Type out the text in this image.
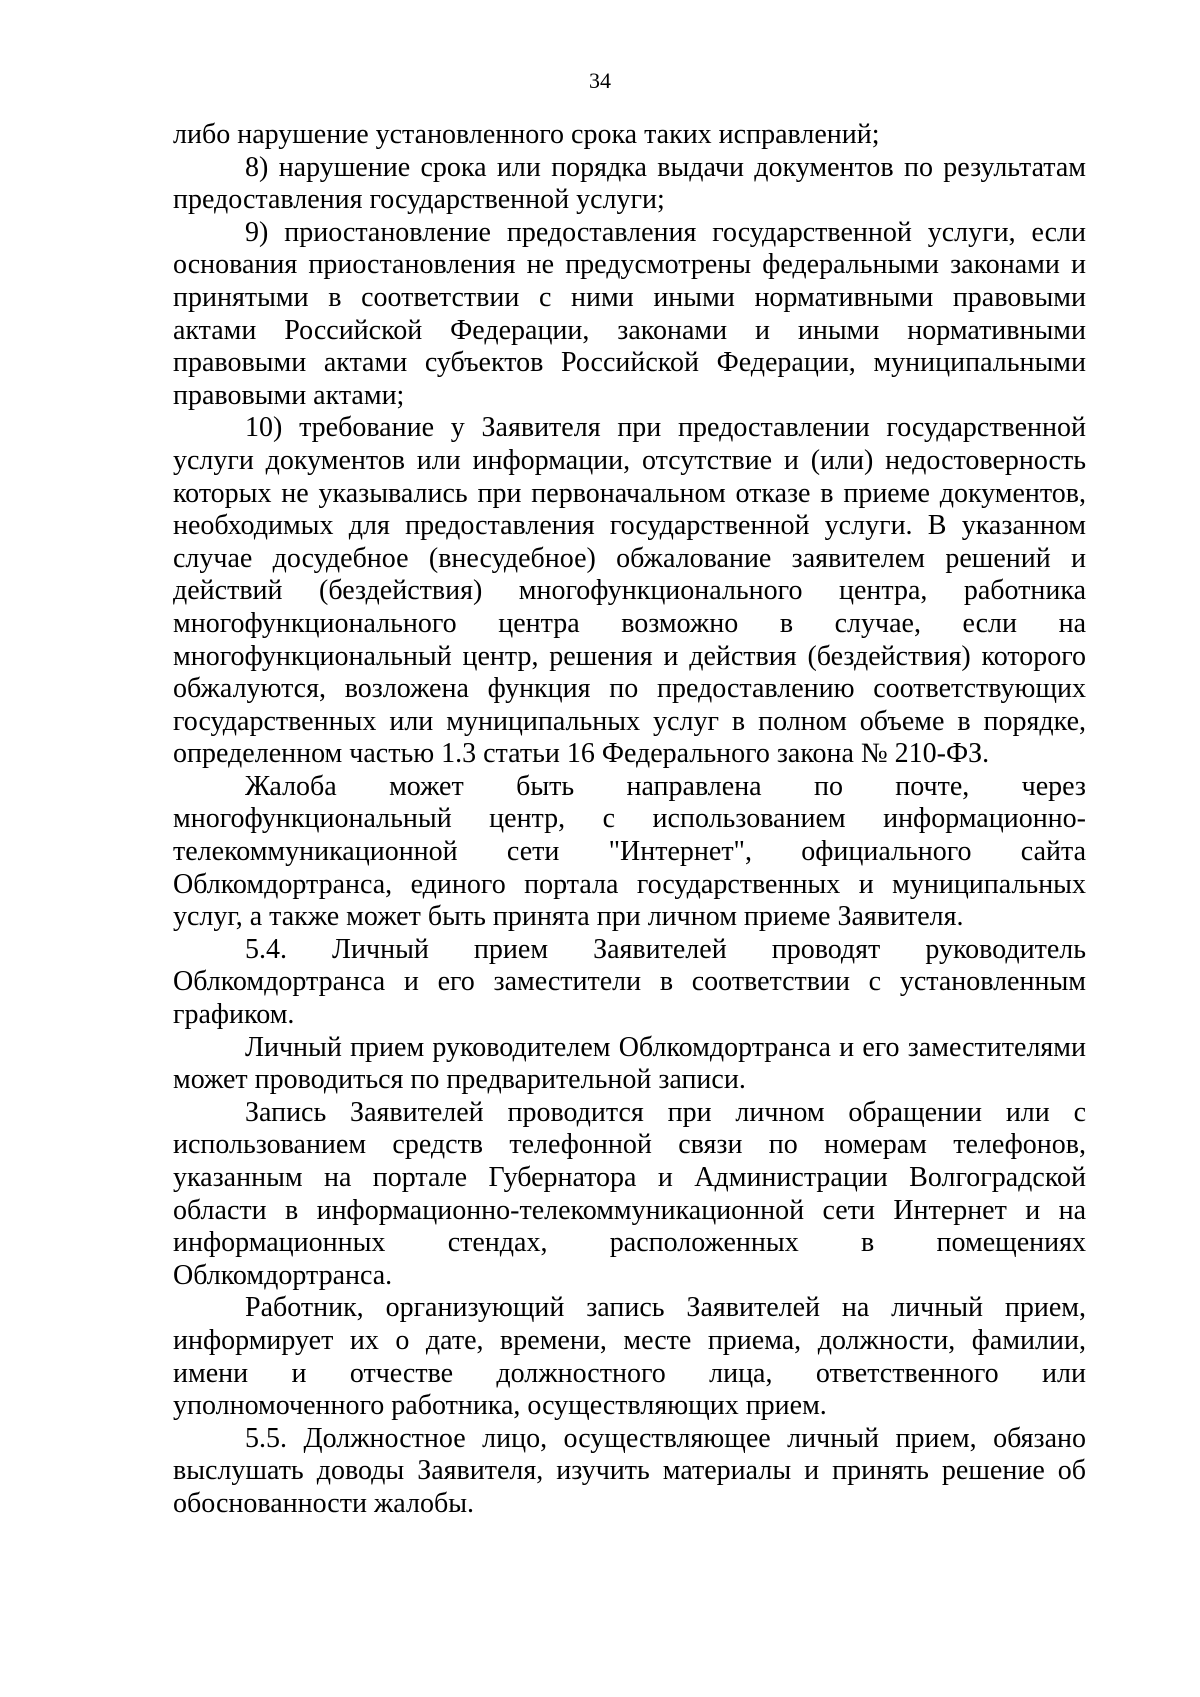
34

либо нарушение установленного срока таких исправлений;

8) нарушение срока или порядка выдачи документов по результатам предоставления государственной услуги;

9) приостановление предоставления государственной услуги, если основания приостановления не предусмотрены федеральными законами и принятыми в соответствии с ними иными нормативными правовыми актами Российской Федерации, законами и иными нормативными правовыми актами субъектов Российской Федерации, муниципальными правовыми актами;

10) требование у Заявителя при предоставлении государственной услуги документов или информации, отсутствие и (или) недостоверность которых не указывались при первоначальном отказе в приеме документов, необходимых для предоставления государственной услуги. В указанном случае досудебное (внесудебное) обжалование заявителем решений и действий (бездействия) многофункционального центра, работника многофункционального центра возможно в случае, если на многофункциональный центр, решения и действия (бездействия) которого обжалуются, возложена функция по предоставлению соответствующих государственных или муниципальных услуг в полном объеме в порядке, определенном частью 1.3 статьи 16 Федерального закона № 210-ФЗ.

Жалоба может быть направлена по почте, через многофункциональный центр, с использованием информационно-телекоммуникационной сети "Интернет", официального сайта Облкомдортранса, единого портала государственных и муниципальных услуг, а также может быть принята при личном приеме Заявителя.

5.4. Личный прием Заявителей проводят руководитель Облкомдортранса и его заместители в соответствии с установленным графиком.

Личный прием руководителем Облкомдортранса и его заместителями может проводиться по предварительной записи.

Запись Заявителей проводится при личном обращении или с использованием средств телефонной связи по номерам телефонов, указанным на портале Губернатора и Администрации Волгоградской области в информационно-телекоммуникационной сети Интернет и на информационных стендах, расположенных в помещениях Облкомдортранса.

Работник, организующий запись Заявителей на личный прием, информирует их о дате, времени, месте приема, должности, фамилии, имени и отчестве должностного лица, ответственного или уполномоченного работника, осуществляющих прием.

5.5. Должностное лицо, осуществляющее личный прием, обязано выслушать доводы Заявителя, изучить материалы и принять решение об обоснованности жалобы.
